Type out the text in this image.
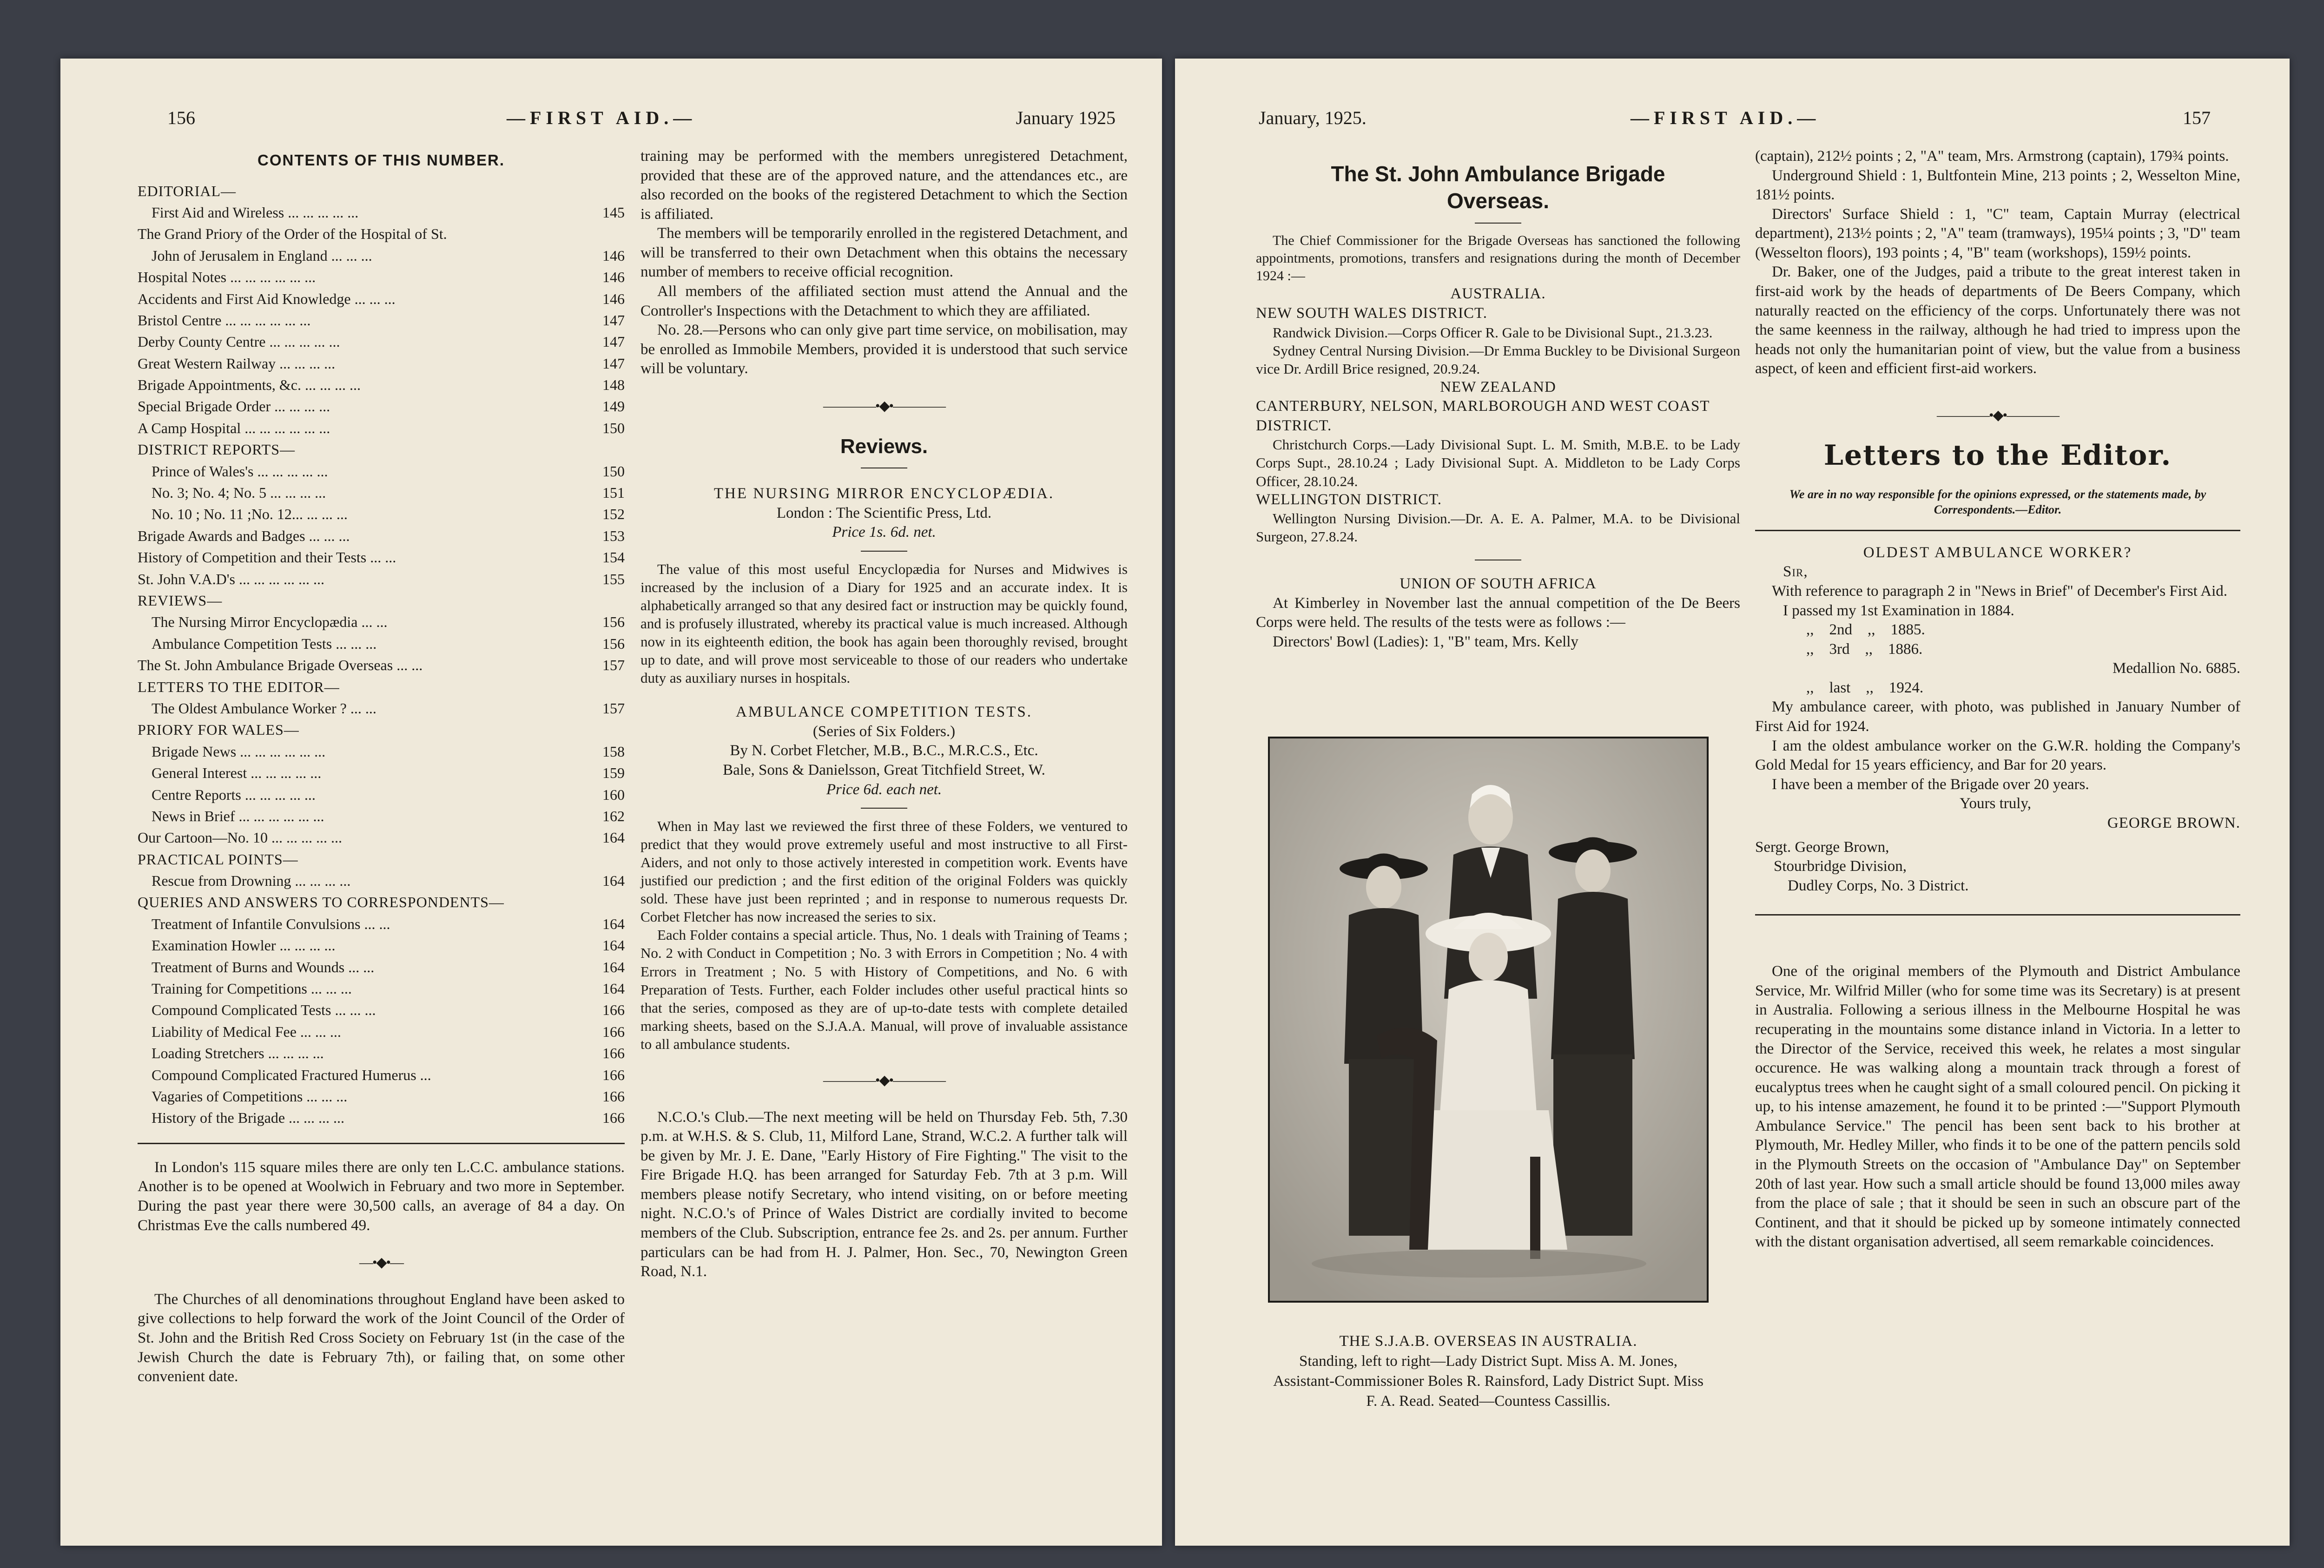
156	—FIRST AID.—	January 1925
CONTENTS OF THIS NUMBER.
EDITORIAL—
First Aid and Wireless ... ... ... ... ...	145
The Grand Priory of the Order of the Hospital of St.
John of Jerusalem in England ... ... ...	146
Hospital Notes ... ... ... ... ... ...	146
Accidents and First Aid Knowledge ... ... ...	146
Bristol Centre ... ... ... ... ... ...	147
Derby County Centre ... ... ... ... ...	147
Great Western Railway ... ... ... ...	147
Brigade Appointments, &c. ... ... ... ...	148
Special Brigade Order ... ... ... ...	149
A Camp Hospital ... ... ... ... ... ...	150
DISTRICT REPORTS—
Prince of Wales's ... ... ... ... ...	150
No. 3; No. 4; No. 5 ... ... ... ...	151
No. 10 ; No. 11 ;No. 12... ... ... ...	152
Brigade Awards and Badges ... ... ...	153
History of Competition and their Tests ... ...	154
St. John V.A.D's ... ... ... ... ... ...	155
REVIEWS—
The Nursing Mirror Encyclopædia ... ...	156
Ambulance Competition Tests ... ... ...	156
The St. John Ambulance Brigade Overseas ... ...	157
LETTERS TO THE EDITOR—
The Oldest Ambulance Worker ? ... ...	157
PRIORY FOR WALES—
Brigade News ... ... ... ... ... ...	158
General Interest ... ... ... ... ...	159
Centre Reports ... ... ... ... ...	160
News in Brief ... ... ... ... ... ...	162
Our Cartoon—No. 10 ... ... ... ... ...	164
PRACTICAL POINTS—
Rescue from Drowning ... ... ... ...	164
QUERIES AND ANSWERS TO CORRESPONDENTS—
Treatment of Infantile Convulsions ... ...	164
Examination Howler ... ... ... ...	164
Treatment of Burns and Wounds ... ...	164
Training for Competitions ... ... ...	164
Compound Complicated Tests ... ... ...	166
Liability of Medical Fee ... ... ...	166
Loading Stretchers ... ... ... ...	166
Compound Complicated Fractured Humerus ...	166
Vagaries of Competitions ... ... ...	166
History of the Brigade ... ... ... ...	166

In London's 115 square miles there are only ten L.C.C. ambulance stations. Another is to be opened at Woolwich in February and two more in September. During the past year there were 30,500 calls, an average of 84 a day. On Christmas Eve the calls numbered 49.

—•◆•—

The Churches of all denominations throughout England have been asked to give collections to help forward the work of the Joint Council of the Order of St. John and the British Red Cross Society on February 1st (in the case of the Jewish Church the date is February 7th), or failing that, on some other convenient date.

training may be performed with the members unregistered Detachment, provided that these are of the approved nature, and the attendances etc., are also recorded on the books of the registered Detachment to which the Section is affiliated.

The members will be temporarily enrolled in the registered Detachment, and will be transferred to their own Detachment when this obtains the necessary number of members to receive official recognition.

All members of the affiliated section must attend the Annual and the Controller's Inspections with the Detachment to which they are affiliated.

No. 28.—Persons who can only give part time service, on mobilisation, may be enrolled as Immobile Members, provided it is understood that such service will be voluntary.

————•◆•————
Reviews.
THE NURSING MIRROR ENCYCLOPÆDIA.
London : The Scientific Press, Ltd.
Price 1s. 6d. net.

The value of this most useful Encyclopædia for Nurses and Midwives is increased by the inclusion of a Diary for 1925 and an accurate index. It is alphabetically arranged so that any desired fact or instruction may be quickly found, and is profusely illustrated, whereby its practical value is much increased. Although now in its eighteenth edition, the book has again been thoroughly revised, brought up to date, and will prove most serviceable to those of our readers who undertake duty as auxiliary nurses in hospitals.

AMBULANCE COMPETITION TESTS.
(Series of Six Folders.)
By N. Corbet Fletcher, M.B., B.C., M.R.C.S., Etc.
Bale, Sons & Danielsson, Great Titchfield Street, W.
Price 6d. each net.

When in May last we reviewed the first three of these Folders, we ventured to predict that they would prove extremely useful and most instructive to all First-Aiders, and not only to those actively interested in competition work. Events have justified our prediction ; and the first edition of the original Folders was quickly sold. These have just been reprinted ; and in response to numerous requests Dr. Corbet Fletcher has now increased the series to six.

Each Folder contains a special article. Thus, No. 1 deals with Training of Teams ; No. 2 with Conduct in Competition ; No. 3 with Errors in Competition ; No. 4 with Errors in Treatment ; No. 5 with History of Competitions, and No. 6 with Preparation of Tests. Further, each Folder includes other useful practical hints so that the series, composed as they are of up-to-date tests with complete detailed marking sheets, based on the S.J.A.A. Manual, will prove of invaluable assistance to all ambulance students.

————•◆•————

N.C.O.'s Club.—The next meeting will be held on Thursday Feb. 5th, 7.30 p.m. at W.H.S. & S. Club, 11, Milford Lane, Strand, W.C.2. A further talk will be given by Mr. J. E. Dane, "Early History of Fire Fighting." The visit to the Fire Brigade H.Q. has been arranged for Saturday Feb. 7th at 3 p.m. Will members please notify Secretary, who intend visiting, on or before meeting night. N.C.O.'s of Prince of Wales District are cordially invited to become members of the Club. Subscription, entrance fee 2s. and 2s. per annum. Further particulars can be had from H. J. Palmer, Hon. Sec., 70, Newington Green Road, N.1.

January, 1925.	—FIRST AID.—	157
The St. John Ambulance Brigade Overseas.

The Chief Commissioner for the Brigade Overseas has sanctioned the following appointments, promotions, transfers and resignations during the month of December 1924 :—

AUSTRALIA.
NEW SOUTH WALES DISTRICT.

Randwick Division.—Corps Officer R. Gale to be Divisional Supt., 21.3.23.

Sydney Central Nursing Division.—Dr Emma Buckley to be Divisional Surgeon vice Dr. Ardill Brice resigned, 20.9.24.

NEW ZEALAND
CANTERBURY, NELSON, MARLBOROUGH AND WEST COAST DISTRICT.

Christchurch Corps.—Lady Divisional Supt. L. M. Smith, M.B.E. to be Lady Corps Supt., 28.10.24 ; Lady Divisional Supt. A. Middleton to be Lady Corps Officer, 28.10.24.

WELLINGTON DISTRICT.

Wellington Nursing Division.—Dr. A. E. A. Palmer, M.A. to be Divisional Surgeon, 27.8.24.

UNION OF SOUTH AFRICA

At Kimberley in November last the annual competition of the De Beers Corps were held. The results of the tests were as follows :—

Directors' Bowl (Ladies): 1, "B" team, Mrs. Kelly

(captain), 212½ points ; 2, "A" team, Mrs. Armstrong (captain), 179¾ points.

Underground Shield : 1, Bultfontein Mine, 213 points ; 2, Wesselton Mine, 181½ points.

Directors' Surface Shield : 1, "C" team, Captain Murray (electrical department), 213½ points ; 2, "A" team (tramways), 195¼ points ; 3, "D" team (Wesselton floors), 193 points ; 4, "B" team (workshops), 159½ points.

Dr. Baker, one of the Judges, paid a tribute to the great interest taken in first-aid work by the heads of departments of De Beers Company, which naturally reacted on the efficiency of the corps. Unfortunately there was not the same keenness in the railway, although he had tried to impress upon the heads not only the humanitarian point of view, but the value from a business aspect, of keen and efficient first-aid workers.

————•◆•————
Letters to the Editor.

We are in no way responsible for the opinions expressed, or the statements made, by Correspondents.—Editor.

OLDEST AMBULANCE WORKER?

Sir,

With reference to paragraph 2 in "News in Brief" of December's First Aid.

I passed my 1st Examination in 1884.
,,    2nd    ,,    1885.
,,    3rd    ,,    1886.
Medallion No. 6885.
,,    last    ,,    1924.

My ambulance career, with photo, was published in January Number of First Aid for 1924.

I am the oldest ambulance worker on the G.W.R. holding the Company's Gold Medal for 15 years efficiency, and Bar for 20 years.

I have been a member of the Brigade over 20 years.

Yours truly,
GEORGE BROWN.
Sergt. George Brown,
Stourbridge Division,
Dudley Corps, No. 3 District.

One of the original members of the Plymouth and District Ambulance Service, Mr. Wilfrid Miller (who for some time was its Secretary) is at present in Australia. Following a serious illness in the Melbourne Hospital he was recuperating in the mountains some distance inland in Victoria. In a letter to the Director of the Service, received this week, he relates a most singular occurence. He was walking along a mountain track through a forest of eucalyptus trees when he caught sight of a small coloured pencil. On picking it up, to his intense amazement, he found it to be printed :—"Support Plymouth Ambulance Service." The pencil has been sent back to his brother at Plymouth, Mr. Hedley Miller, who finds it to be one of the pattern pencils sold in the Plymouth Streets on the occasion of "Ambulance Day" on September 20th of last year. How such a small article should be found 13,000 miles away from the place of sale ; that it should be seen in such an obscure part of the Continent, and that it should be picked up by someone intimately connected with the distant organisation advertised, all seem remarkable coincidences.

THE S.J.A.B. OVERSEAS IN AUSTRALIA.
Standing, left to right—Lady District Supt. Miss A. M. Jones, Assistant-Commissioner Boles R. Rainsford, Lady District Supt. Miss F. A. Read. Seated—Countess Cassillis.
